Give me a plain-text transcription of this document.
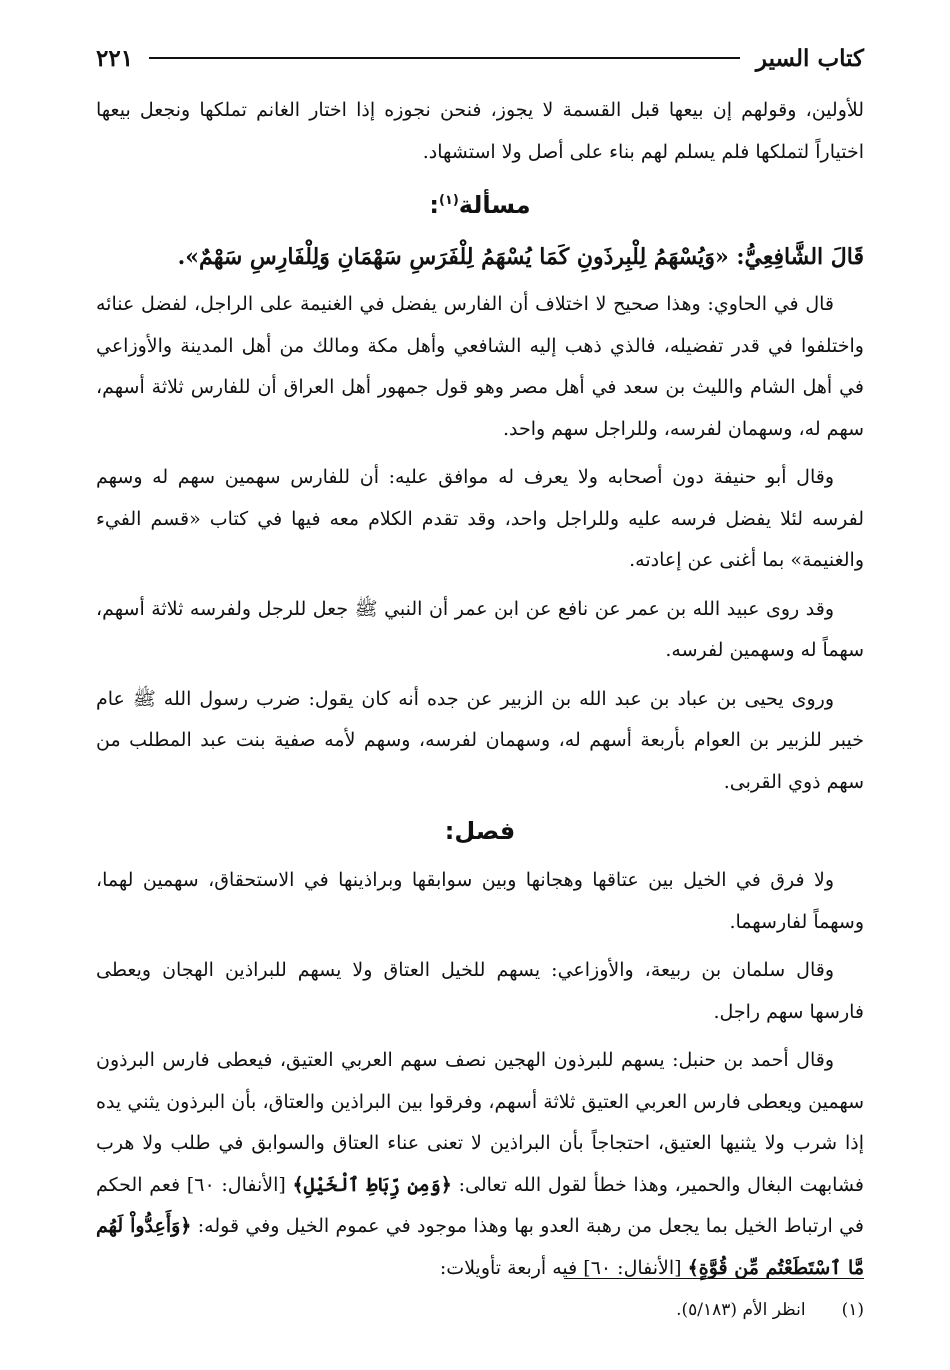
كتاب السير
٢٢١

للأولين، وقولهم إن بيعها قبل القسمة لا يجوز، فنحن نجوزه إذا اختار الغانم تملكها ونجعل بيعها اختياراً لتملكها فلم يسلم لهم بناء على أصل ولا استشهاد.

مسألة$^{(١)}$:

قَالَ الشَّافِعِيُّ: «وَيُسْهَمُ لِلْبِرذَونِ كَمَا يُسْهَمُ لِلْفَرَسِ سَهْمَانِ وَلِلْفَارِسِ سَهْمٌ».

قال في الحاوي: وهذا صحيح لا اختلاف أن الفارس يفضل في الغنيمة على الراجل، لفضل عنائه واختلفوا في قدر تفضيله، فالذي ذهب إليه الشافعي وأهل مكة ومالك من أهل المدينة والأوزاعي في أهل الشام والليث بن سعد في أهل مصر وهو قول جمهور أهل العراق أن للفارس ثلاثة أسهم، سهم له، وسهمان لفرسه، وللراجل سهم واحد.

وقال أبو حنيفة دون أصحابه ولا يعرف له موافق عليه: أن للفارس سهمين سهم له وسهم لفرسه لئلا يفضل فرسه عليه وللراجل واحد، وقد تقدم الكلام معه فيها في كتاب «قسم الفيء والغنيمة» بما أغنى عن إعادته.

وقد روى عبيد الله بن عمر عن نافع عن ابن عمر أن النبي ﷺ جعل للرجل ولفرسه ثلاثة أسهم، سهماً له وسهمين لفرسه.

وروى يحيى بن عباد بن عبد الله بن الزبير عن جده أنه كان يقول: ضرب رسول الله ﷺ عام خيبر للزبير بن العوام بأربعة أسهم له، وسهمان لفرسه، وسهم لأمه صفية بنت عبد المطلب من سهم ذوي القربى.

فصل:

ولا فرق في الخيل بين عتاقها وهجانها وبين سوابقها وبراذينها في الاستحقاق، سهمين لهما، وسهماً لفارسهما.

وقال سلمان بن ربيعة، والأوزاعي: يسهم للخيل العتاق ولا يسهم للبراذين الهجان ويعطى فارسها سهم راجل.

وقال أحمد بن حنبل: يسهم للبرذون الهجين نصف سهم العربي العتيق، فيعطى فارس البرذون سهمين ويعطى فارس العربي العتيق ثلاثة أسهم، وفرقوا بين البراذين والعتاق، بأن البرذون يثني يده إذا شرب ولا يثنيها العتيق، احتجاجاً بأن البراذين لا تعنى عناء العتاق والسوابق في طلب ولا هرب فشابهت البغال والحمير، وهذا خطأ لقول الله تعالى: ﴿وَمِن رِّبَاطِ ٱلْخَيْلِ﴾ [الأنفال: ٦٠] فعم الحكم في ارتباط الخيل بما يجعل من رهبة العدو بها وهذا موجود في عموم الخيل وفي قوله: ﴿وَأَعِدُّواْ لَهُم مَّا ٱسْتَطَعْتُم مِّن قُوَّةٍ﴾ [الأنفال: ٦٠] فيه أربعة تأويلات:

(١)انظر الأم (٥/١٨٣).
